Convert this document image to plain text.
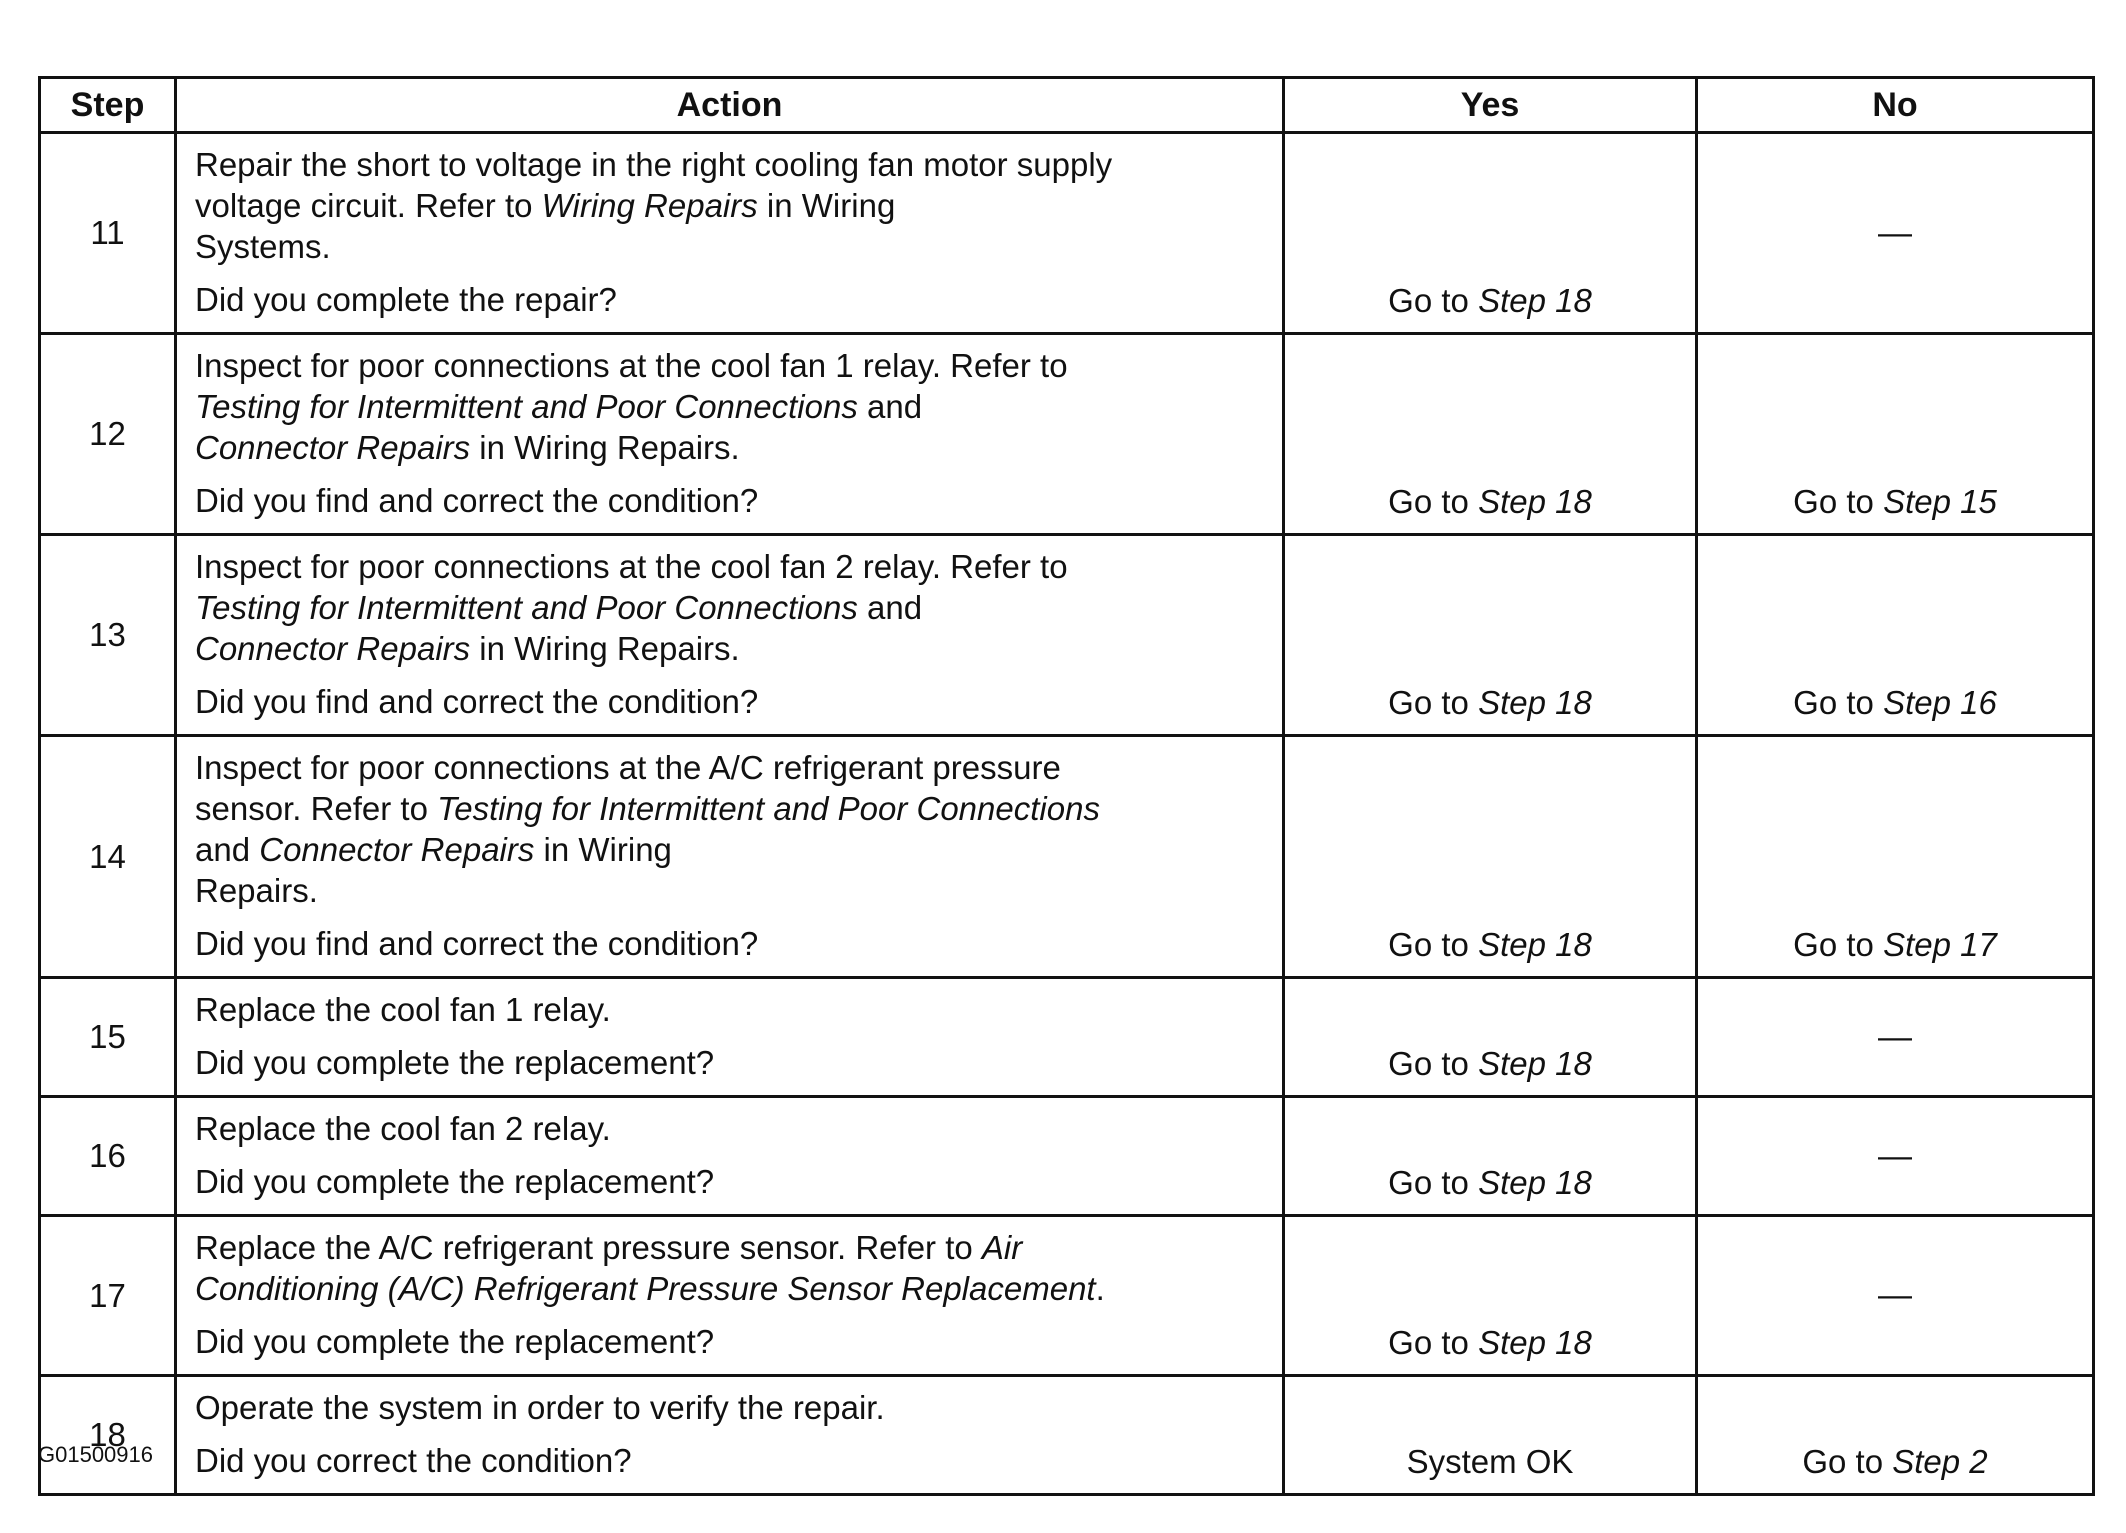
Step	Action	Yes	No
11	Repair the short to voltage in the right cooling fan motor supply
voltage circuit. Refer to Wiring Repairs in Wiring
Systems.
Did you complete the repair?	Go to Step 18	—
12	Inspect for poor connections at the cool fan 1 relay. Refer to
Testing for Intermittent and Poor Connections and
Connector Repairs in Wiring Repairs.
Did you find and correct the condition?	Go to Step 18	Go to Step 15
13	Inspect for poor connections at the cool fan 2 relay. Refer to
Testing for Intermittent and Poor Connections and
Connector Repairs in Wiring Repairs.
Did you find and correct the condition?	Go to Step 18	Go to Step 16
14	Inspect for poor connections at the A/C refrigerant pressure
sensor. Refer to Testing for Intermittent and Poor Connections
and Connector Repairs in Wiring
Repairs.
Did you find and correct the condition?	Go to Step 18	Go to Step 17
15	Replace the cool fan 1 relay.
Did you complete the replacement?	Go to Step 18	—
16	Replace the cool fan 2 relay.
Did you complete the replacement?	Go to Step 18	—
17	Replace the A/C refrigerant pressure sensor. Refer to Air
Conditioning (A/C) Refrigerant Pressure Sensor Replacement.
Did you complete the replacement?	Go to Step 18	—
18	Operate the system in order to verify the repair.
Did you correct the condition?	System OK	Go to Step 2
G01500916
